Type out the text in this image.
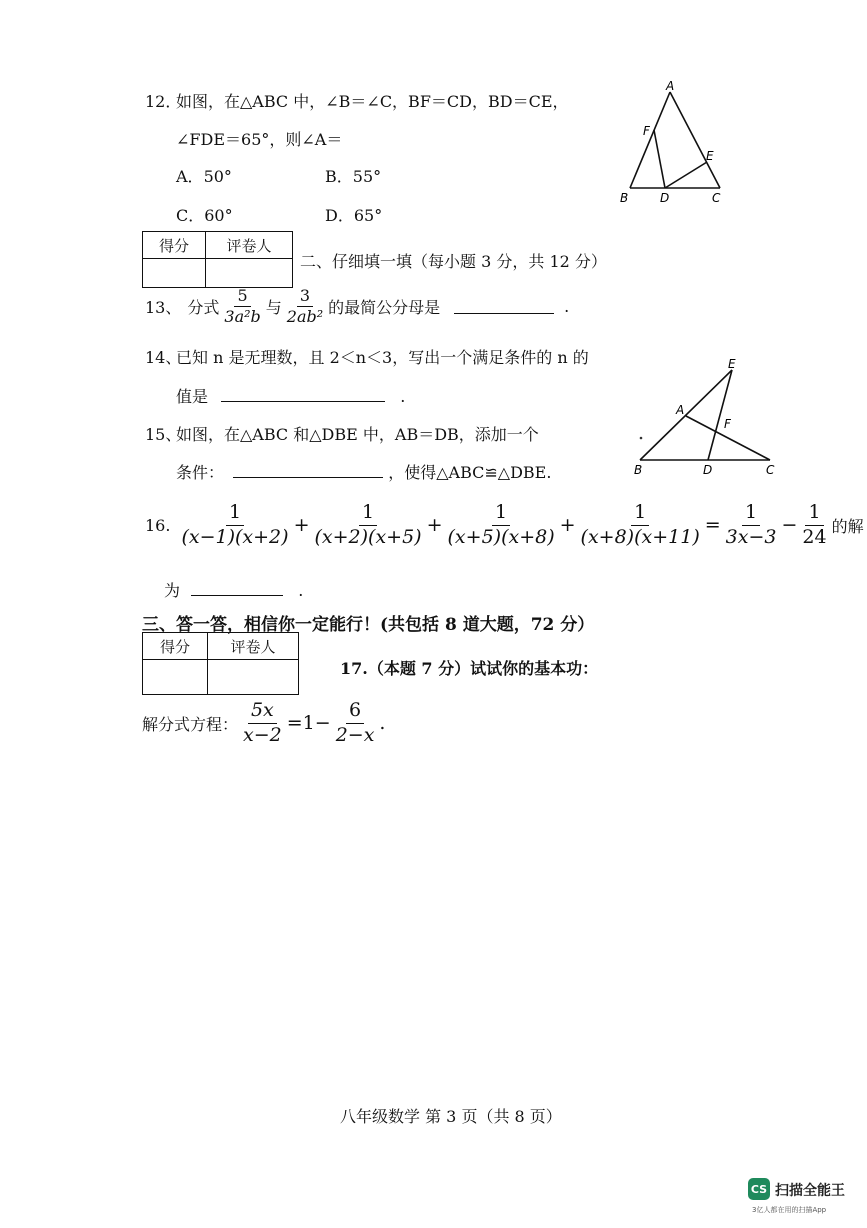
12．
如图，在△ABC 中，∠B＝∠C，BF＝CD，BD＝CE，
∠FDE＝65°，则∠A＝
A．50°	B．55°
C．60°	D．65°
A
F
E
B	D	C
得分	评卷人

二、仔细填一填（每小题 3 分，共 12 分）
13、 分式 $\frac{5}{\text{3a²b}}$ 与 $\frac{3}{\text{2ab²}}$ 的最简公分母是	.
14、
已知 n 是无理数，且 2＜n＜3，写出一个满足条件的 n 的
值是	.
15、
如图，在△ABC 和△DBE 中，AB＝DB，添加一个
条件：	，使得△ABC≌△DBE.
E
A
F
B	D	C
16. $\frac{1}{(x-1)(x+2)} + \frac{1}{(x+2)(x+5)} + \frac{1}{(x+5)(x+8)} + \frac{1}{(x+8)(x+11)} = \frac{1}{3x-3} - \frac{1}{24}$ 的解
为	.
三、答一答，相信你一定能行！(共包括 8 道大题，72 分）
得分	评卷人

17.（本题 7 分）试试你的基本功：
解分式方程： $\frac{5x}{x-2} =1- \frac{6}{2-x}$ .
八年级数学 第 3 页（共 8 页）
CS 扫描全能王
3亿人都在用的扫描App
